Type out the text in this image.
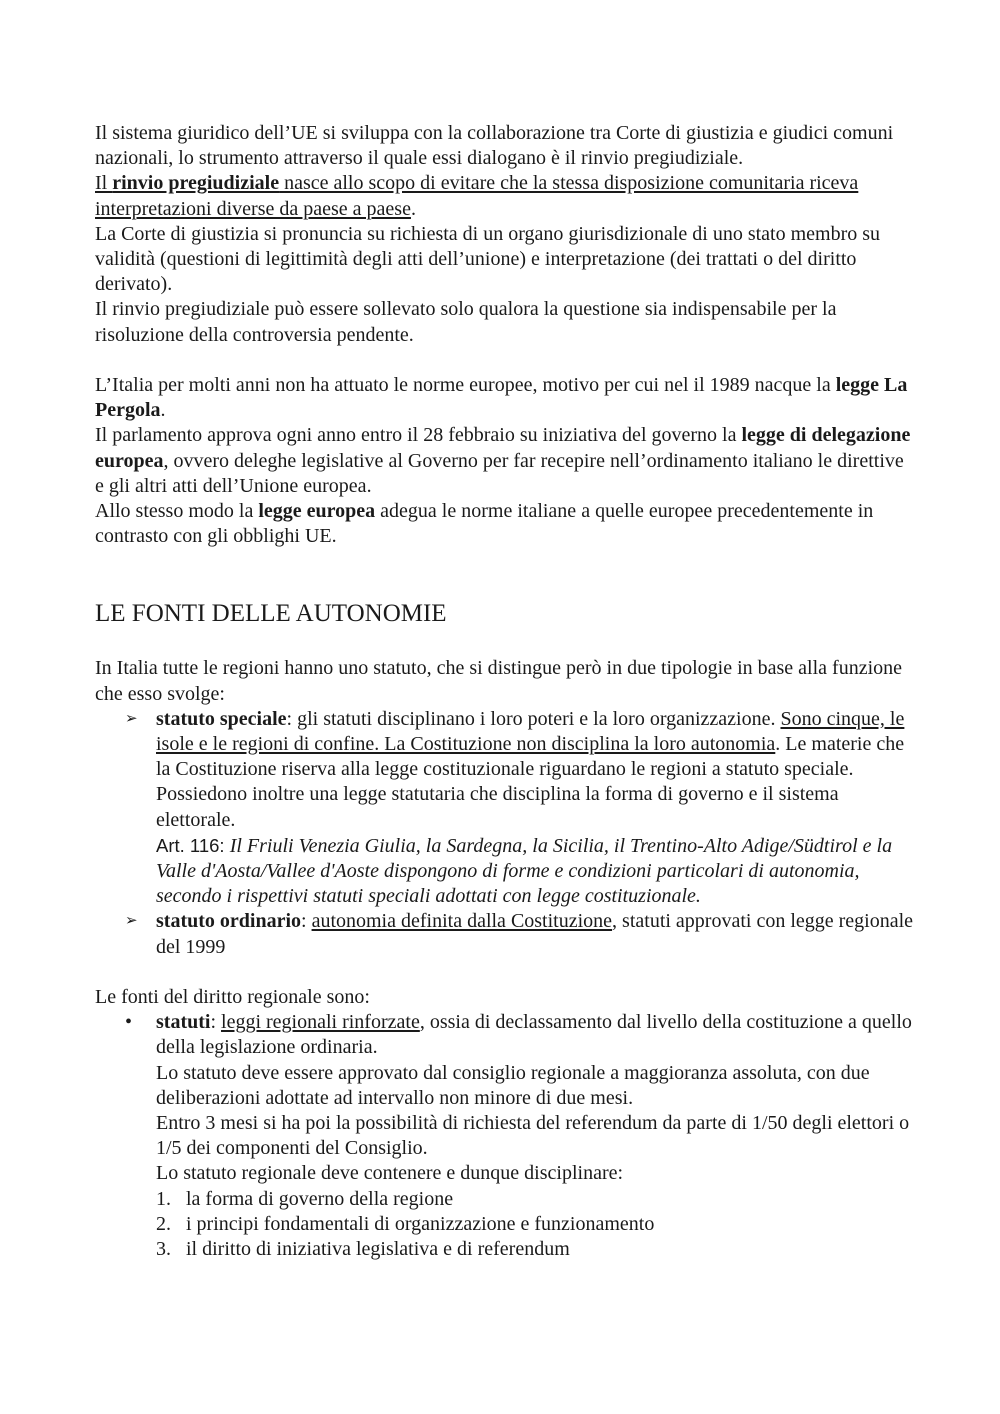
Il sistema giuridico dell’UE si sviluppa con la collaborazione tra Corte di giustizia e giudici comuni nazionali, lo strumento attraverso il quale essi dialogano è il rinvio pregiudiziale.

Il rinvio pregiudiziale nasce allo scopo di evitare che la stessa disposizione comunitaria riceva interpretazioni diverse da paese a paese.

La Corte di giustizia si pronuncia su richiesta di un organo giurisdizionale di uno stato membro su validità (questioni di legittimità degli atti dell’unione) e interpretazione (dei trattati o del diritto derivato).

Il rinvio pregiudiziale può essere sollevato solo qualora la questione sia indispensabile per la risoluzione della controversia pendente.

L’Italia per molti anni non ha attuato le norme europee, motivo per cui nel il 1989 nacque la legge La Pergola.

Il parlamento approva ogni anno entro il 28 febbraio su iniziativa del governo la legge di delegazione europea, ovvero deleghe legislative al Governo per far recepire nell’ordinamento italiano le direttive e gli altri atti dell’Unione europea.

Allo stesso modo la legge europea adegua le norme italiane a quelle europee precedentemente in contrasto con gli obblighi UE.

LE FONTI DELLE AUTONOMIE

In Italia tutte le regioni hanno uno statuto, che si distingue però in due tipologie in base alla funzione che esso svolge:

➢ statuto speciale: gli statuti disciplinano i loro poteri e la loro organizzazione. Sono cinque, le isole e le regioni di confine. La Costituzione non disciplina la loro autonomia. Le materie che la Costituzione riserva alla legge costituzionale riguardano le regioni a statuto speciale. Possiedono inoltre una legge statutaria che disciplina la forma di governo e il sistema elettorale.
Art. 116: Il Friuli Venezia Giulia, la Sardegna, la Sicilia, il Trentino-Alto Adige/Südtirol e la Valle d'Aosta/Vallee d'Aoste dispongono di forme e condizioni particolari di autonomia, secondo i rispettivi statuti speciali adottati con legge costituzionale.
➢ statuto ordinario: autonomia definita dalla Costituzione, statuti approvati con legge regionale del 1999

Le fonti del diritto regionale sono:

•	statuti: leggi regionali rinforzate, ossia di declassamento dal livello della costituzione a quello della legislazione ordinaria.
Lo statuto deve essere approvato dal consiglio regionale a maggioranza assoluta, con due deliberazioni adottate ad intervallo non minore di due mesi.
Entro 3 mesi si ha poi la possibilità di richiesta del referendum da parte di 1/50 degli elettori o 1/5 dei componenti del Consiglio.
Lo statuto regionale deve contenere e dunque disciplinare:
1. la forma di governo della regione
2. i principi fondamentali di organizzazione e funzionamento
3. il diritto di iniziativa legislativa e di referendum
